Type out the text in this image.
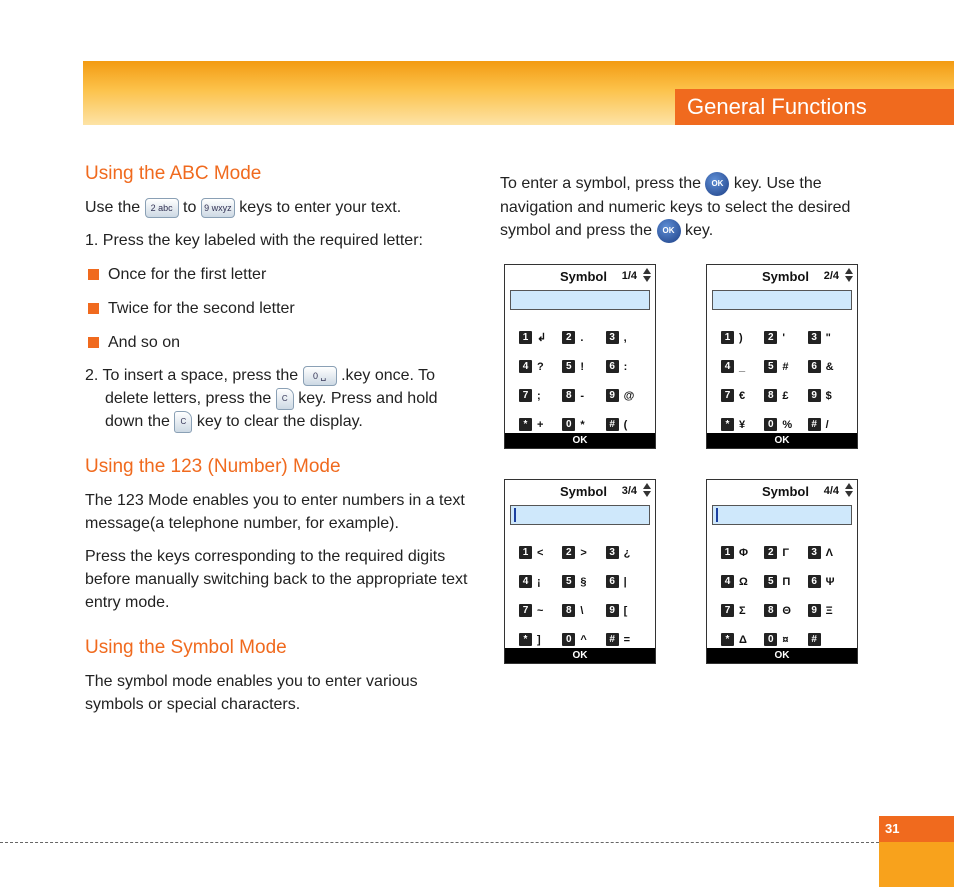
General Functions
Using the ABC Mode

Use the 2 abc to 9 wxyz keys to enter your text.

1. Press the key labeled with the required letter:

Once for the first letter
Twice for the second letter
And so on

2. To insert a space, press the 0 ␣ .key once. To delete letters, press the C key. Press and hold down the C key to clear the display.

Using the 123 (Number) Mode

The 123 Mode enables you to enter numbers in a text message(a telephone number, for example).

Press the keys corresponding to the required digits before manually switching back to the appropriate text entry mode.

Using the Symbol Mode

The symbol mode enables you to enter various symbols or special characters.

To enter a symbol, press the OK key. Use the navigation and numeric keys to select the desired symbol and press the OK key.

Symbol 1/4
1 ↲	2 .	3 ,
4 ?	5 !	6 :
7 ;	8 -	9 @
* +	0 *	# (
OK
Symbol 2/4
1 )	2 '	3 "
4 _	5 #	6 &
7 €	8 £	9 $
* ¥	0 %	# /
OK
Symbol 3/4
1 <	2 >	3 ¿
4 ¡	5 §	6 |
7 ~	8 \	9 [
* ]	0 ^	# =
OK
Symbol 4/4
1 Φ	2 Γ	3 Λ
4 Ω	5 Π	6 Ψ
7 Σ	8 Θ	9 Ξ
* Δ	0 ¤	#
OK
31
